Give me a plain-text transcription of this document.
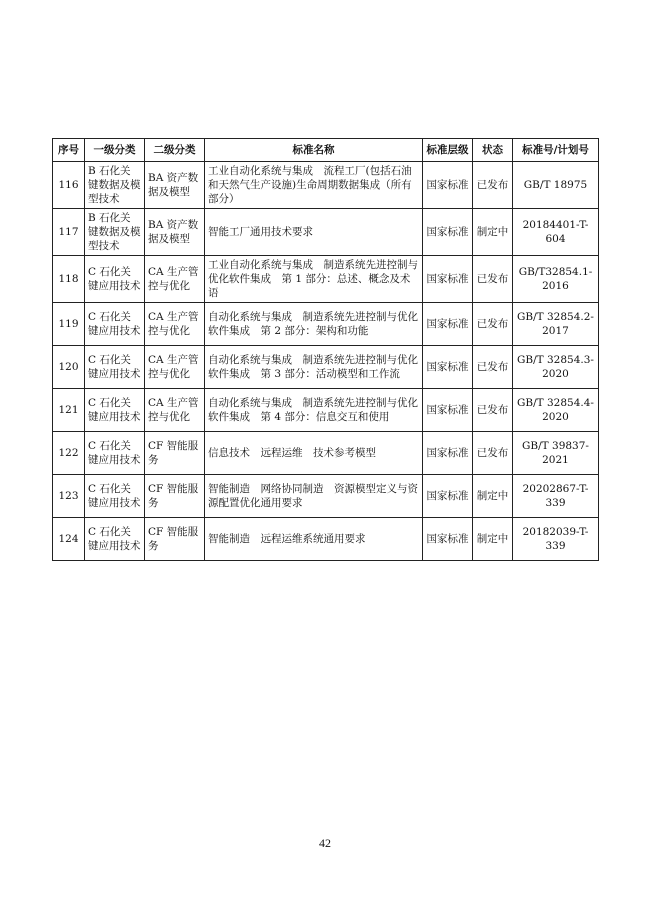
序号	一级分类	二级分类	标准名称	标准层级	状态	标准号/计划号
116	B 石化关键数据及模型技术	BA 资产数据及模型	工业自动化系统与集成　流程工厂(包括石油和天然气生产设施)生命周期数据集成（所有部分）	国家标准	已发布	GB/T 18975
117	B 石化关键数据及模型技术	BA 资产数据及模型	智能工厂通用技术要求	国家标准	制定中	20184401-T-604
118	C 石化关键应用技术	CA 生产管控与优化	工业自动化系统与集成　制造系统先进控制与优化软件集成　第 1 部分：总述、概念及术语	国家标准	已发布	GB/T32854.1-2016
119	C 石化关键应用技术	CA 生产管控与优化	自动化系统与集成　制造系统先进控制与优化软件集成　第 2 部分：架构和功能	国家标准	已发布	GB/T 32854.2-2017
120	C 石化关键应用技术	CA 生产管控与优化	自动化系统与集成　制造系统先进控制与优化软件集成　第 3 部分：活动模型和工作流	国家标准	已发布	GB/T 32854.3-2020
121	C 石化关键应用技术	CA 生产管控与优化	自动化系统与集成　制造系统先进控制与优化软件集成　第 4 部分：信息交互和使用	国家标准	已发布	GB/T 32854.4-2020
122	C 石化关键应用技术	CF 智能服务	信息技术　远程运维　技术参考模型	国家标准	已发布	GB/T 39837-2021
123	C 石化关键应用技术	CF 智能服务	智能制造　网络协同制造　资源模型定义与资源配置优化通用要求	国家标准	制定中	20202867-T-339
124	C 石化关键应用技术	CF 智能服务	智能制造　远程运维系统通用要求	国家标准	制定中	20182039-T-339
42
